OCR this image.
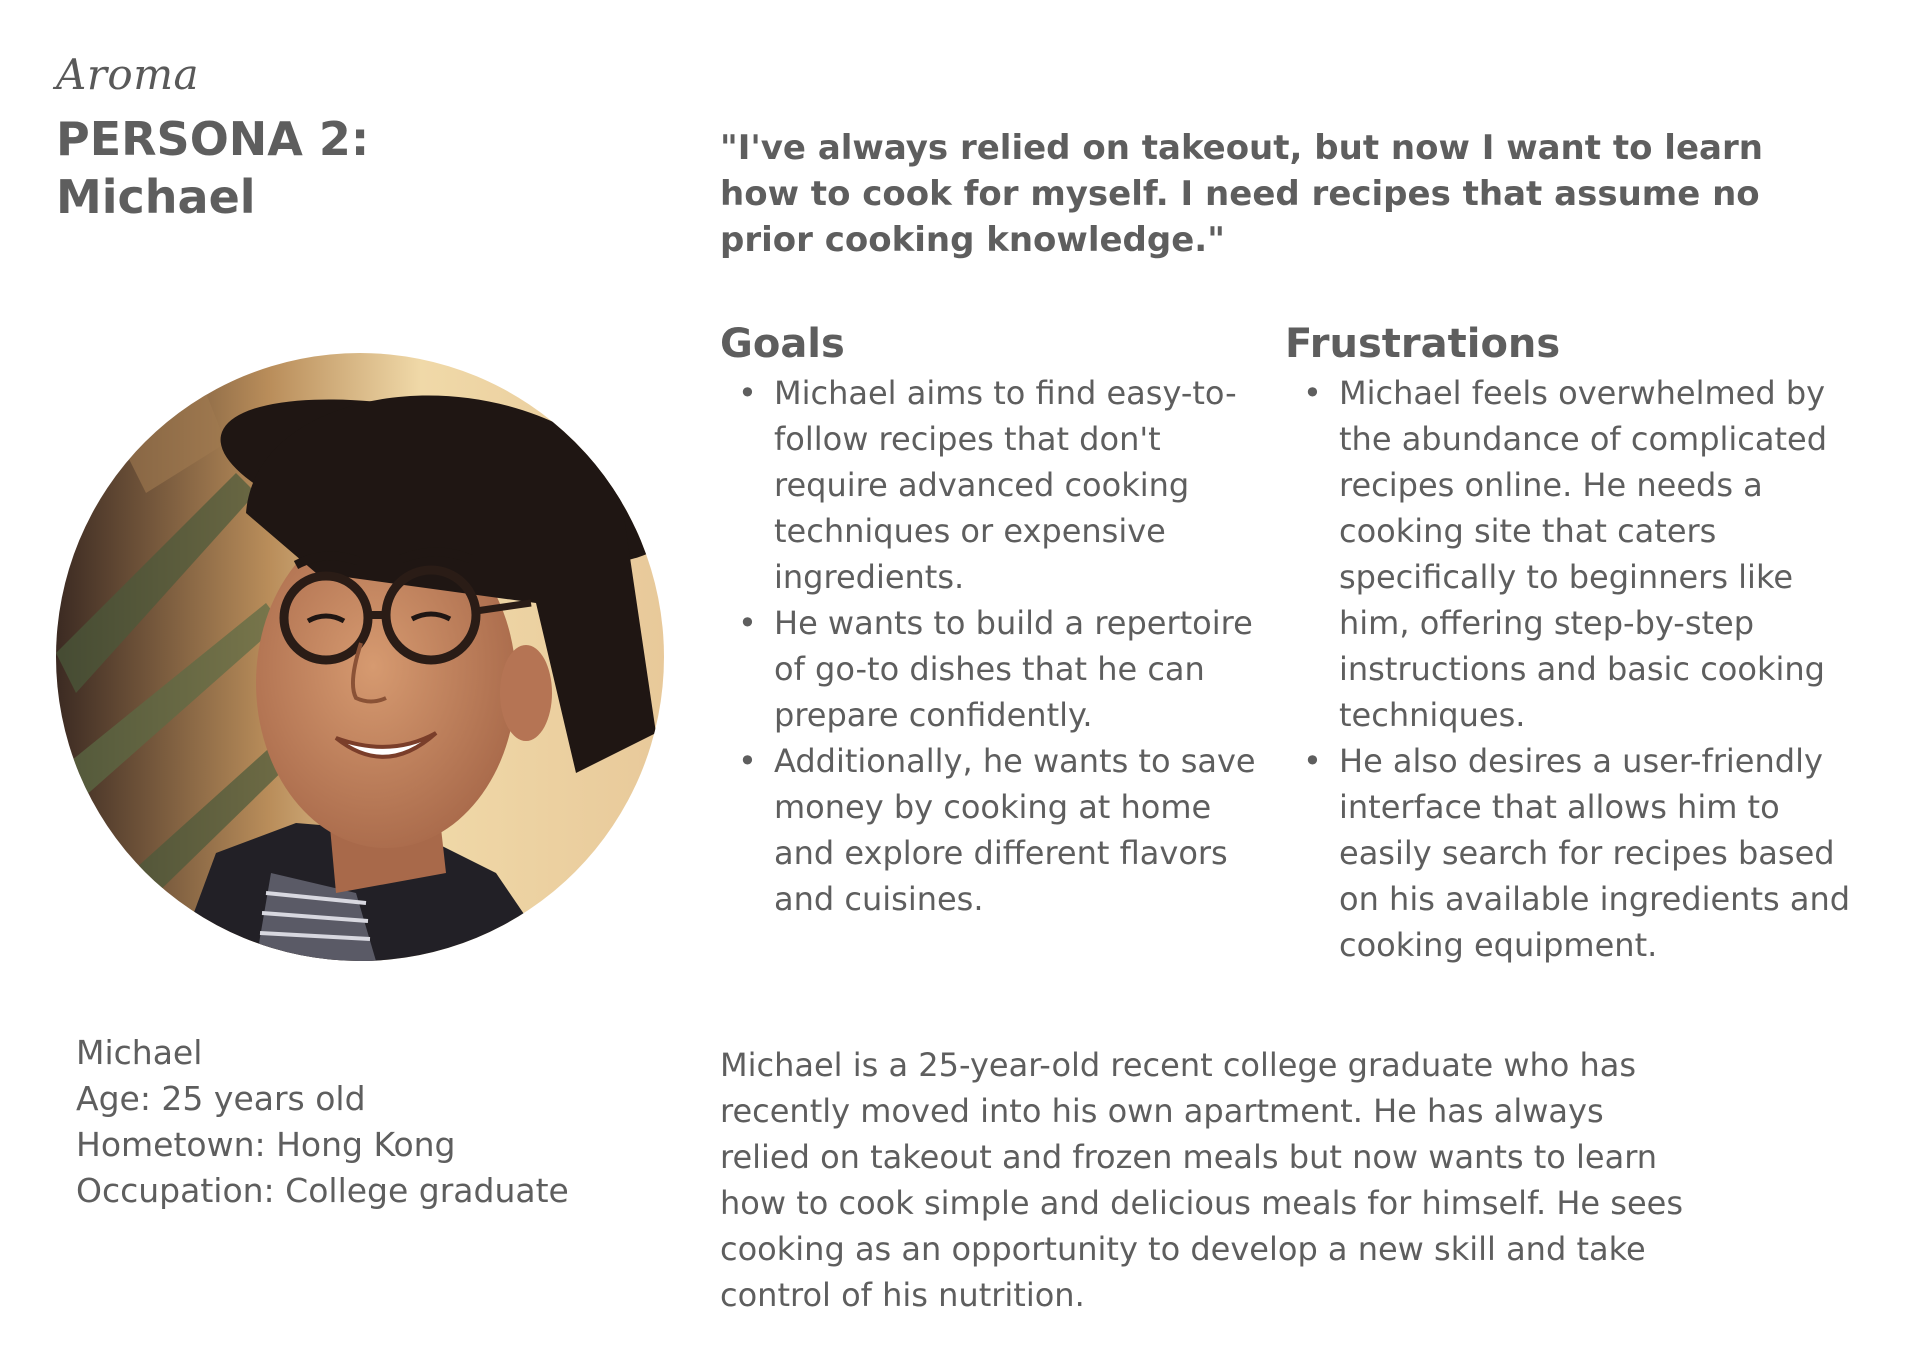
Aroma
PERSONA 2:
Michael
Michael
Age: 25 years old
Hometown: Hong Kong
Occupation: College graduate

"I've always relied on takeout, but now I want to learn how to cook for myself. I need recipes that assume no prior cooking knowledge."

Goals
• Michael aims to find easy-to-follow recipes that don't require advanced cooking techniques or expensive ingredients.
• He wants to build a repertoire of go-to dishes that he can prepare confidently.
• Additionally, he wants to save money by cooking at home and explore different flavors and cuisines.
Frustrations
• Michael feels overwhelmed by the abundance of complicated recipes online. He needs a cooking site that caters specifically to beginners like him, offering step-by-step instructions and basic cooking techniques.
• He also desires a user-friendly interface that allows him to easily search for recipes based on his available ingredients and cooking equipment.

Michael is a 25-year-old recent college graduate who has recently moved into his own apartment. He has always relied on takeout and frozen meals but now wants to learn how to cook simple and delicious meals for himself. He sees cooking as an opportunity to develop a new skill and take control of his nutrition.
